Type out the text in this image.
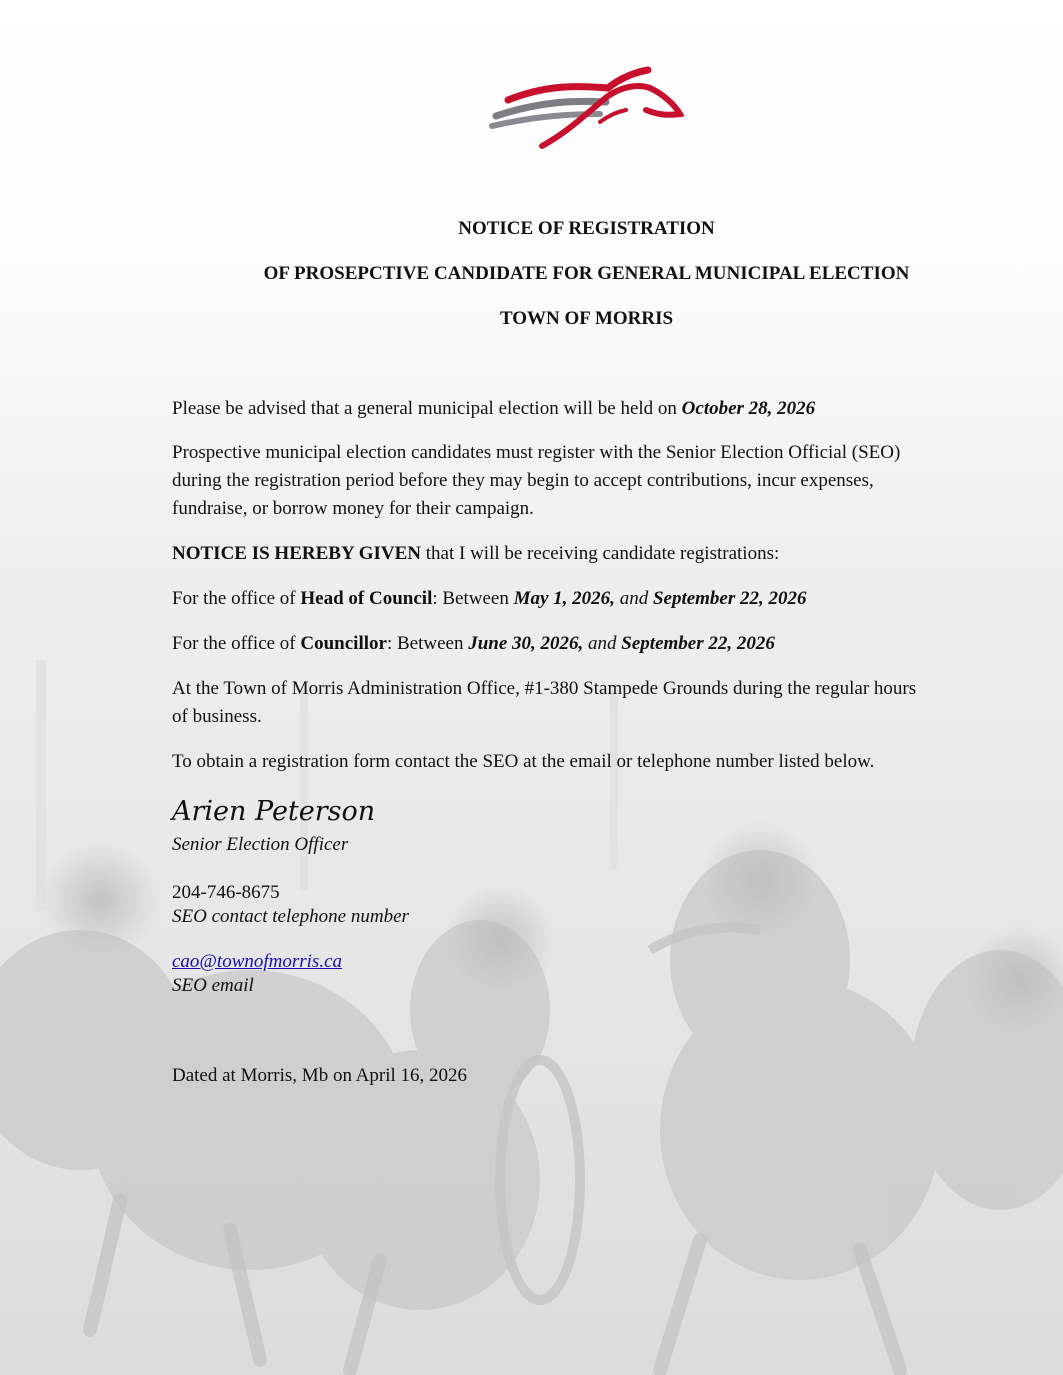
NOTICE OF REGISTRATION
OF PROSEPCTIVE CANDIDATE FOR GENERAL MUNICIPAL ELECTION
TOWN OF MORRIS
Please be advised that a general municipal election will be held on October 28, 2026
Prospective municipal election candidates must register with the Senior Election Official (SEO)
during the registration period before they may begin to accept contributions, incur expenses,
fundraise, or borrow money for their campaign.
NOTICE IS HEREBY GIVEN that I will be receiving candidate registrations:
For the office of Head of Council: Between May 1, 2026, and September 22, 2026
For the office of Councillor: Between June 30, 2026, and September 22, 2026
At the Town of Morris Administration Office, #1-380 Stampede Grounds during the regular hours
of business.
To obtain a registration form contact the SEO at the email or telephone number listed below.
Arien Peterson
Senior Election Officer
204-746-8675
SEO contact telephone number
cao@townofmorris.ca
SEO email
Dated at Morris, Mb on April 16, 2026
